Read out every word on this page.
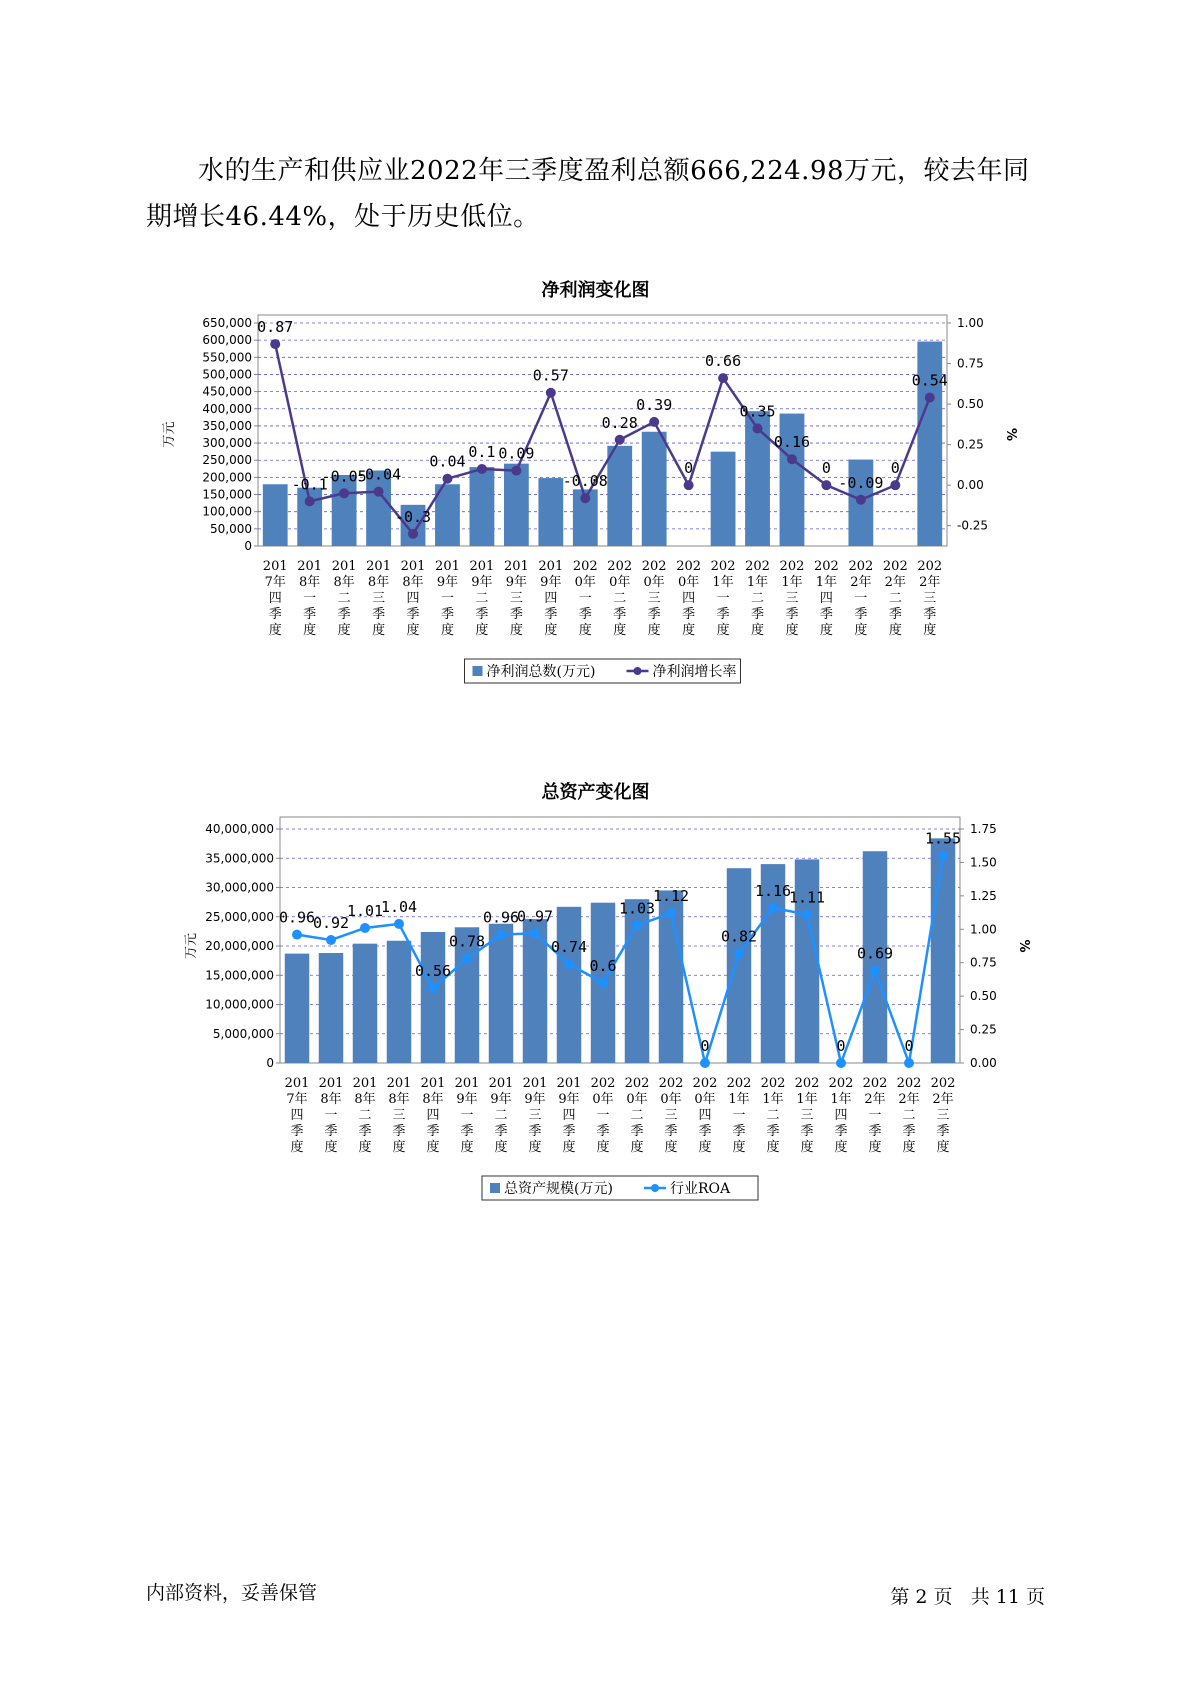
水的生产和供应业2022年三季度盈利总额666,224.98万元，较去年同
期增长46.44%，处于历史低位。
净利润变化图
650,000
600,000
550,000
500,000
450,000
400,000
350,000
300,000
250,000
200,000
150,000
100,000
50,000
0
1.00
0.75
0.50
0.25
0.00
-0.25
万元	%
0.87
-0.1
-0.05
-0.04
-0.3
0.04
0.1 0.09
0.57
-0.08
0.28
0.39
0
0.66
0.35
0.16
0
-0.09
0
0.54
201
7年
四
季
度
201
8年
一
季
度
201
8年
二
季
度
201
8年
三
季
度
201
8年
四
季
度
201
9年
一
季
度
201
9年
二
季
度
201
9年
三
季
度
201
9年
四
季
度
202
0年
一
季
度
202
0年
二
季
度
202
0年
三
季
度
202
0年
四
季
度
202
1年
一
季
度
202
1年
二
季
度
202
1年
三
季
度
202
1年
四
季
度
202
2年
一
季
度
202
2年
二
季
度
202
2年
三
季
度
净利润总数(万元)	净利润增长率
总资产变化图
40,000,000
35,000,000
30,000,000
25,000,000
20,000,000
15,000,000
10,000,000
5,000,000
0
1.75
1.50
1.25
1.00
0.75
0.50
0.25
0.00
万元	%
0.96
0.92
1.01
1.04
0.56
0.78
0.96
0.97
0.74
0.6
1.03
1.12
0
0.82
1.16
1.11
0
0.69
0
1.55
201
7年
四
季
度
201
8年
一
季
度
201
8年
二
季
度
201
8年
三
季
度
201
8年
四
季
度
201
9年
一
季
度
201
9年
二
季
度
201
9年
三
季
度
201
9年
四
季
度
202
0年
一
季
度
202
0年
二
季
度
202
0年
三
季
度
202
0年
四
季
度
202
1年
一
季
度
202
1年
二
季
度
202
1年
三
季
度
202
1年
四
季
度
202
2年
一
季
度
202
2年
二
季
度
202
2年
三
季
度
总资产规模(万元)	行业ROA
内部资料，妥善保管	第 2 页 共 11 页
